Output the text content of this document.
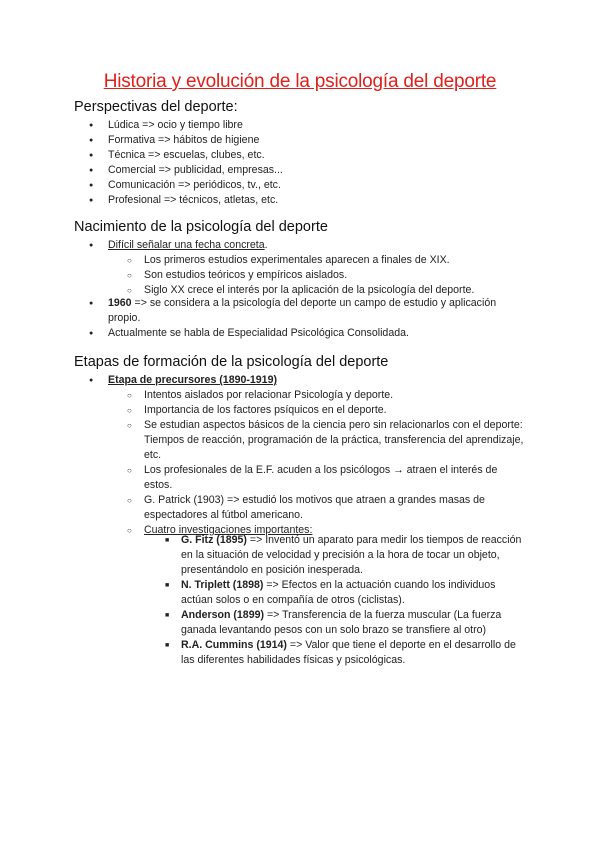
Historia y evolución de la psicología del deporte
Perspectivas del deporte:
● Lúdica => ocio y tiempo libre
● Formativa => hábitos de higiene
● Técnica => escuelas, clubes, etc.
● Comercial => publicidad, empresas...
● Comunicación => periódicos, tv., etc.
● Profesional => técnicos, atletas, etc.
Nacimiento de la psicología del deporte
● Difícil señalar una fecha concreta.
○ Los primeros estudios experimentales aparecen a finales de XIX.
○ Son estudios teóricos y empíricos aislados.
○ Siglo XX crece el interés por la aplicación de la psicología del deporte.
● 1960 => se considera a la psicología del deporte un campo de estudio y aplicación propio.
● Actualmente se habla de Especialidad Psicológica Consolidada.
Etapas de formación de la psicología del deporte
● Etapa de precursores (1890-1919)
○ Intentos aislados por relacionar Psicología y deporte.
○ Importancia de los factores psíquicos en el deporte.
○ Se estudian aspectos básicos de la ciencia pero sin relacionarlos con el deporte: Tiempos de reacción, programación de la práctica, transferencia del aprendizaje, etc.
○ Los profesionales de la E.F. acuden a los psicólogos → atraen el interés de estos.
○ G. Patrick (1903) => estudió los motivos que atraen a grandes masas de espectadores al fútbol americano.
○ Cuatro investigaciones importantes:
■ G. Fitz (1895) => Inventó un aparato para medir los tiempos de reacción en la situación de velocidad y precisión a la hora de tocar un objeto, presentándolo en posición inesperada.
■ N. Triplett (1898) => Efectos en la actuación cuando los individuos actúan solos o en compañía de otros (ciclistas).
■ Anderson (1899) => Transferencia de la fuerza muscular (La fuerza ganada levantando pesos con un solo brazo se transfiere al otro)
■ R.A. Cummins (1914) => Valor que tiene el deporte en el desarrollo de las diferentes habilidades físicas y psicológicas.
